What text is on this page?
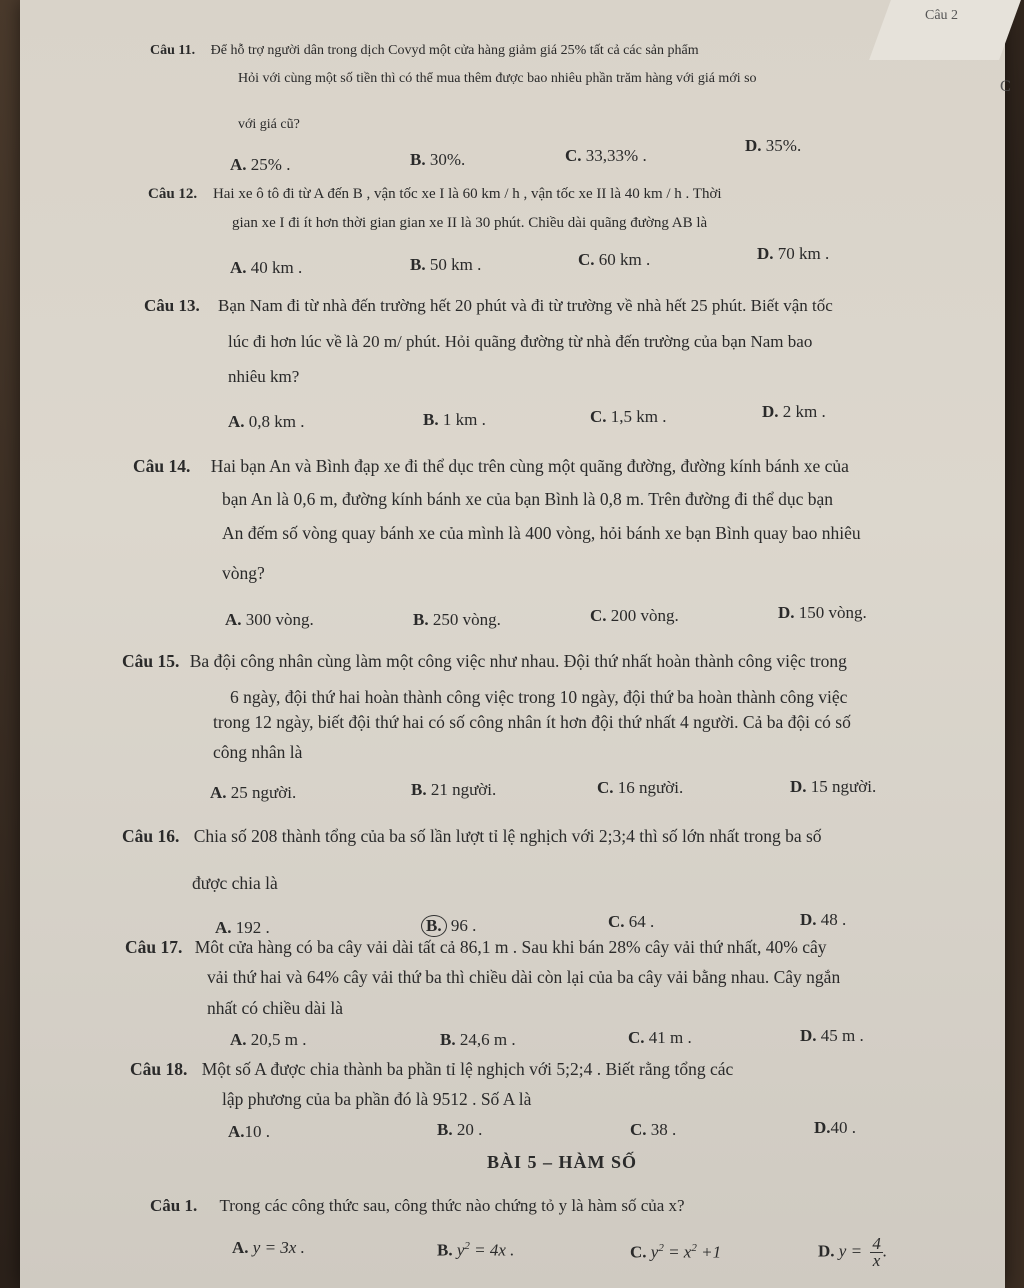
Câu 2
C
Câu 11. Để hỗ trợ người dân trong dịch Covyd một cửa hàng giảm giá 25% tất cả các sản phẩm
Hỏi với cùng một số tiền thì có thể mua thêm được bao nhiêu phần trăm hàng với giá mới so
với giá cũ?
A. 25% .	B. 30%.	C. 33,33% .
D. 35%.
Câu 12. Hai xe ô tô đi từ A đến B , vận tốc xe I là 60 km / h , vận tốc xe II là 40 km / h . Thời
gian xe I đi ít hơn thời gian gian xe II là 30 phút. Chiều dài quãng đường AB là
A. 40 km .	B. 50 km .	C. 60 km .	D. 70 km .
Câu 13. Bạn Nam đi từ nhà đến trường hết 20 phút và đi từ trường về nhà hết 25 phút. Biết vận tốc
lúc đi hơn lúc về là 20 m/ phút. Hỏi quãng đường từ nhà đến trường của bạn Nam bao
nhiêu km?
A. 0,8 km .	B. 1 km .	C. 1,5 km .	D. 2 km .
Câu 14. Hai bạn An và Bình đạp xe đi thể dục trên cùng một quãng đường, đường kính bánh xe của
bạn An là 0,6 m, đường kính bánh xe của bạn Bình là 0,8 m. Trên đường đi thể dục bạn
An đếm số vòng quay bánh xe của mình là 400 vòng, hỏi bánh xe bạn Bình quay bao nhiêu
vòng?
A. 300 vòng.	B. 250 vòng.	C. 200 vòng.	D. 150 vòng.
Câu 15. Ba đội công nhân cùng làm một công việc như nhau. Đội thứ nhất hoàn thành công việc trong
6 ngày, đội thứ hai hoàn thành công việc trong 10 ngày, đội thứ ba hoàn thành công việc
trong 12 ngày, biết đội thứ hai có số công nhân ít hơn đội thứ nhất 4 người. Cả ba đội có số
công nhân là
A. 25 người.	B. 21 người.	C. 16 người.	D. 15 người.
Câu 16. Chia số 208 thành tổng của ba số lần lượt tỉ lệ nghịch với 2;3;4 thì số lớn nhất trong ba số
được chia là
A. 192 .	B. 96 .	C. 64 .	D. 48 .
Câu 17. Môt cửa hàng có ba cây vải dài tất cả 86,1 m . Sau khi bán 28% cây vải thứ nhất, 40% cây
vải thứ hai và 64% cây vải thứ ba thì chiều dài còn lại của ba cây vải bằng nhau. Cây ngắn
nhất có chiều dài là
A. 20,5 m .	B. 24,6 m .	C. 41 m .	D. 45 m .
Câu 18. Một số A được chia thành ba phần tỉ lệ nghịch với 5;2;4 . Biết rằng tổng các
lập phương của ba phần đó là 9512 . Số A là
A.10 .	B. 20 .	C. 38 .	D.40 .
BÀI 5 – HÀM SỐ
Câu 1. Trong các công thức sau, công thức nào chứng tỏ y là hàm số của x?
A. y = 3x .	B. $y^2 = 4x$ .	C. $y^2 = x^2 +1$	D. $y = \frac{4}{x}$ .
